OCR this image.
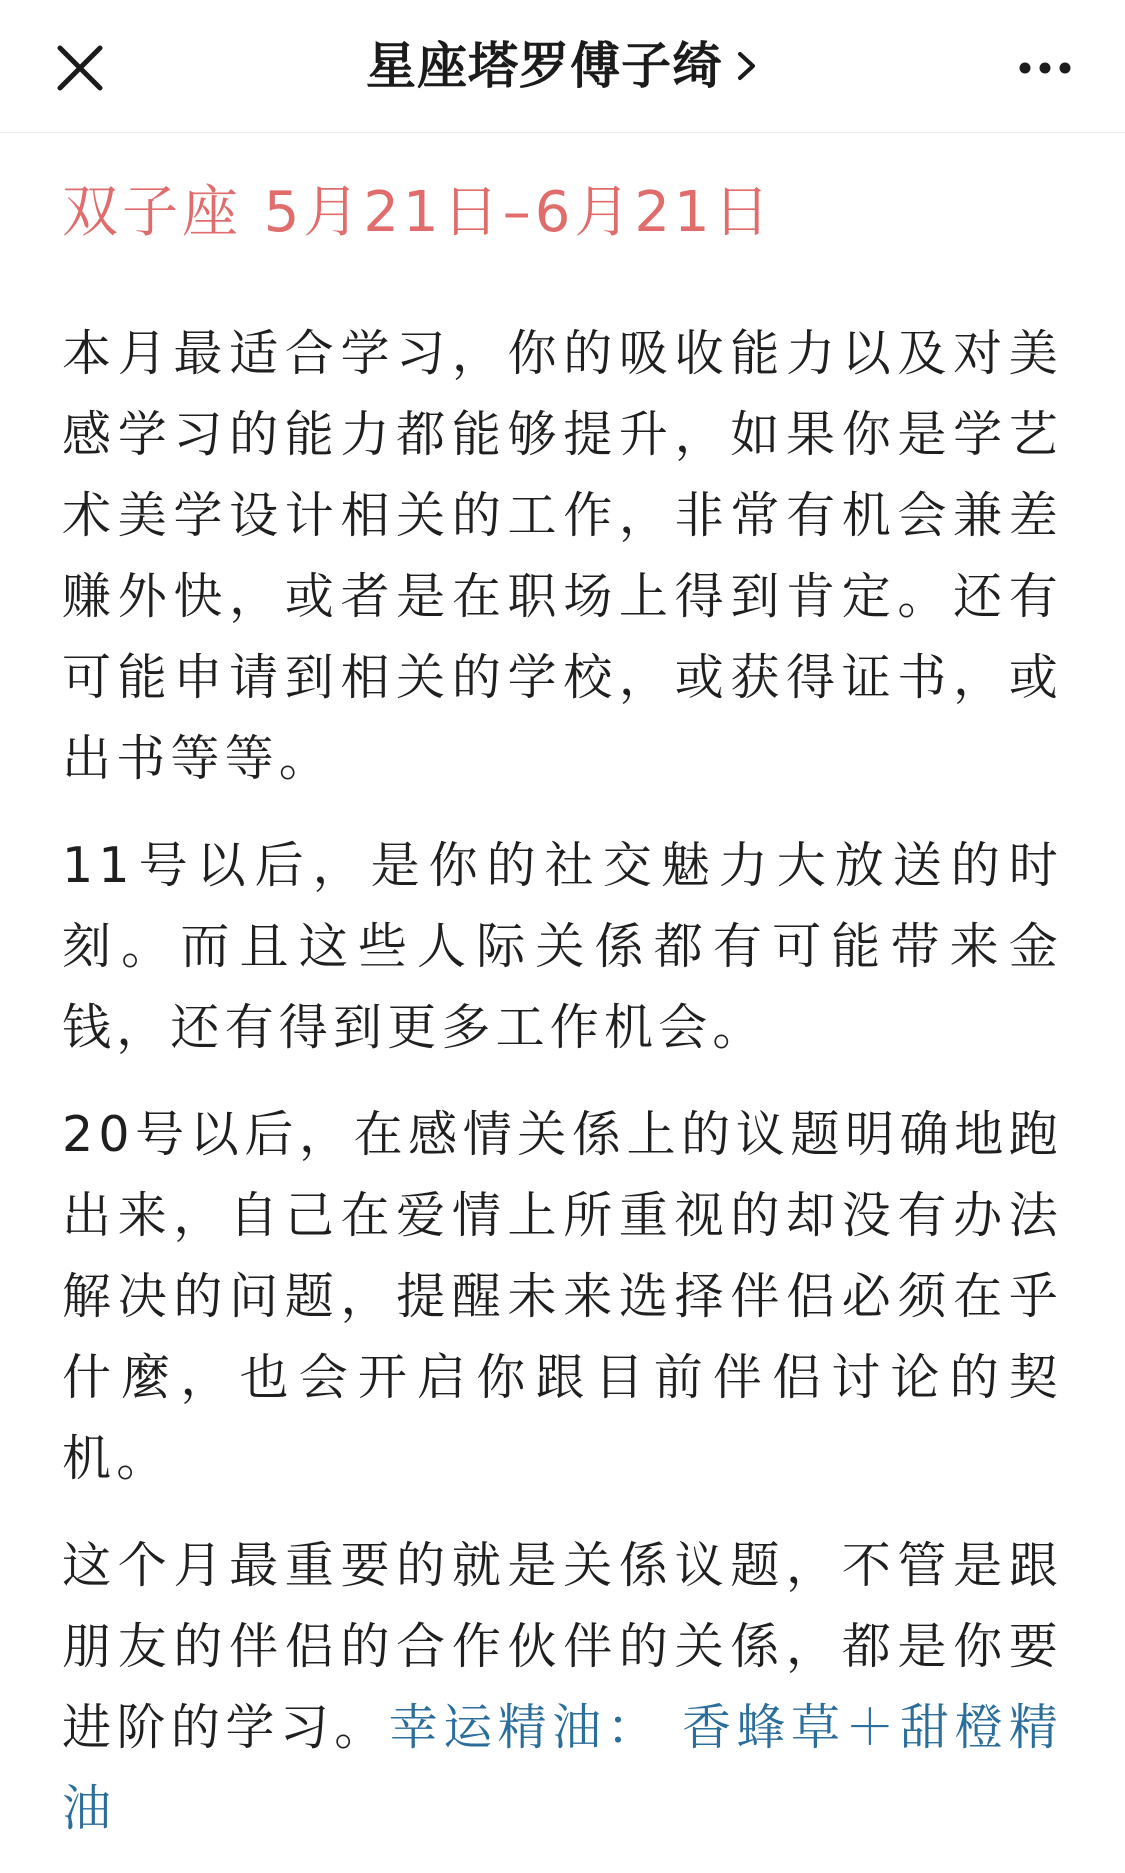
星座塔罗傅子绮
双子座 5月21日–6月21日

本月最适合学习，你的吸收能力以及对美感学习的能力都能够提升，如果你是学艺术美学设计相关的工作，非常有机会兼差赚外快，或者是在职场上得到肯定。还有可能申请到相关的学校，或获得证书，或出书等等。

11号以后，是你的社交魅力大放送的时刻。而且这些人际关係都有可能带来金钱，还有得到更多工作机会。

20号以后，在感情关係上的议题明确地跑出来，自己在爱情上所重视的却没有办法解决的问题，提醒未来选择伴侣必须在乎什麼，也会开启你跟目前伴侣讨论的契机。

这个月最重要的就是关係议题，不管是跟朋友的伴侣的合作伙伴的关係，都是你要进阶的学习。幸运精油： 香蜂草＋甜橙精油
